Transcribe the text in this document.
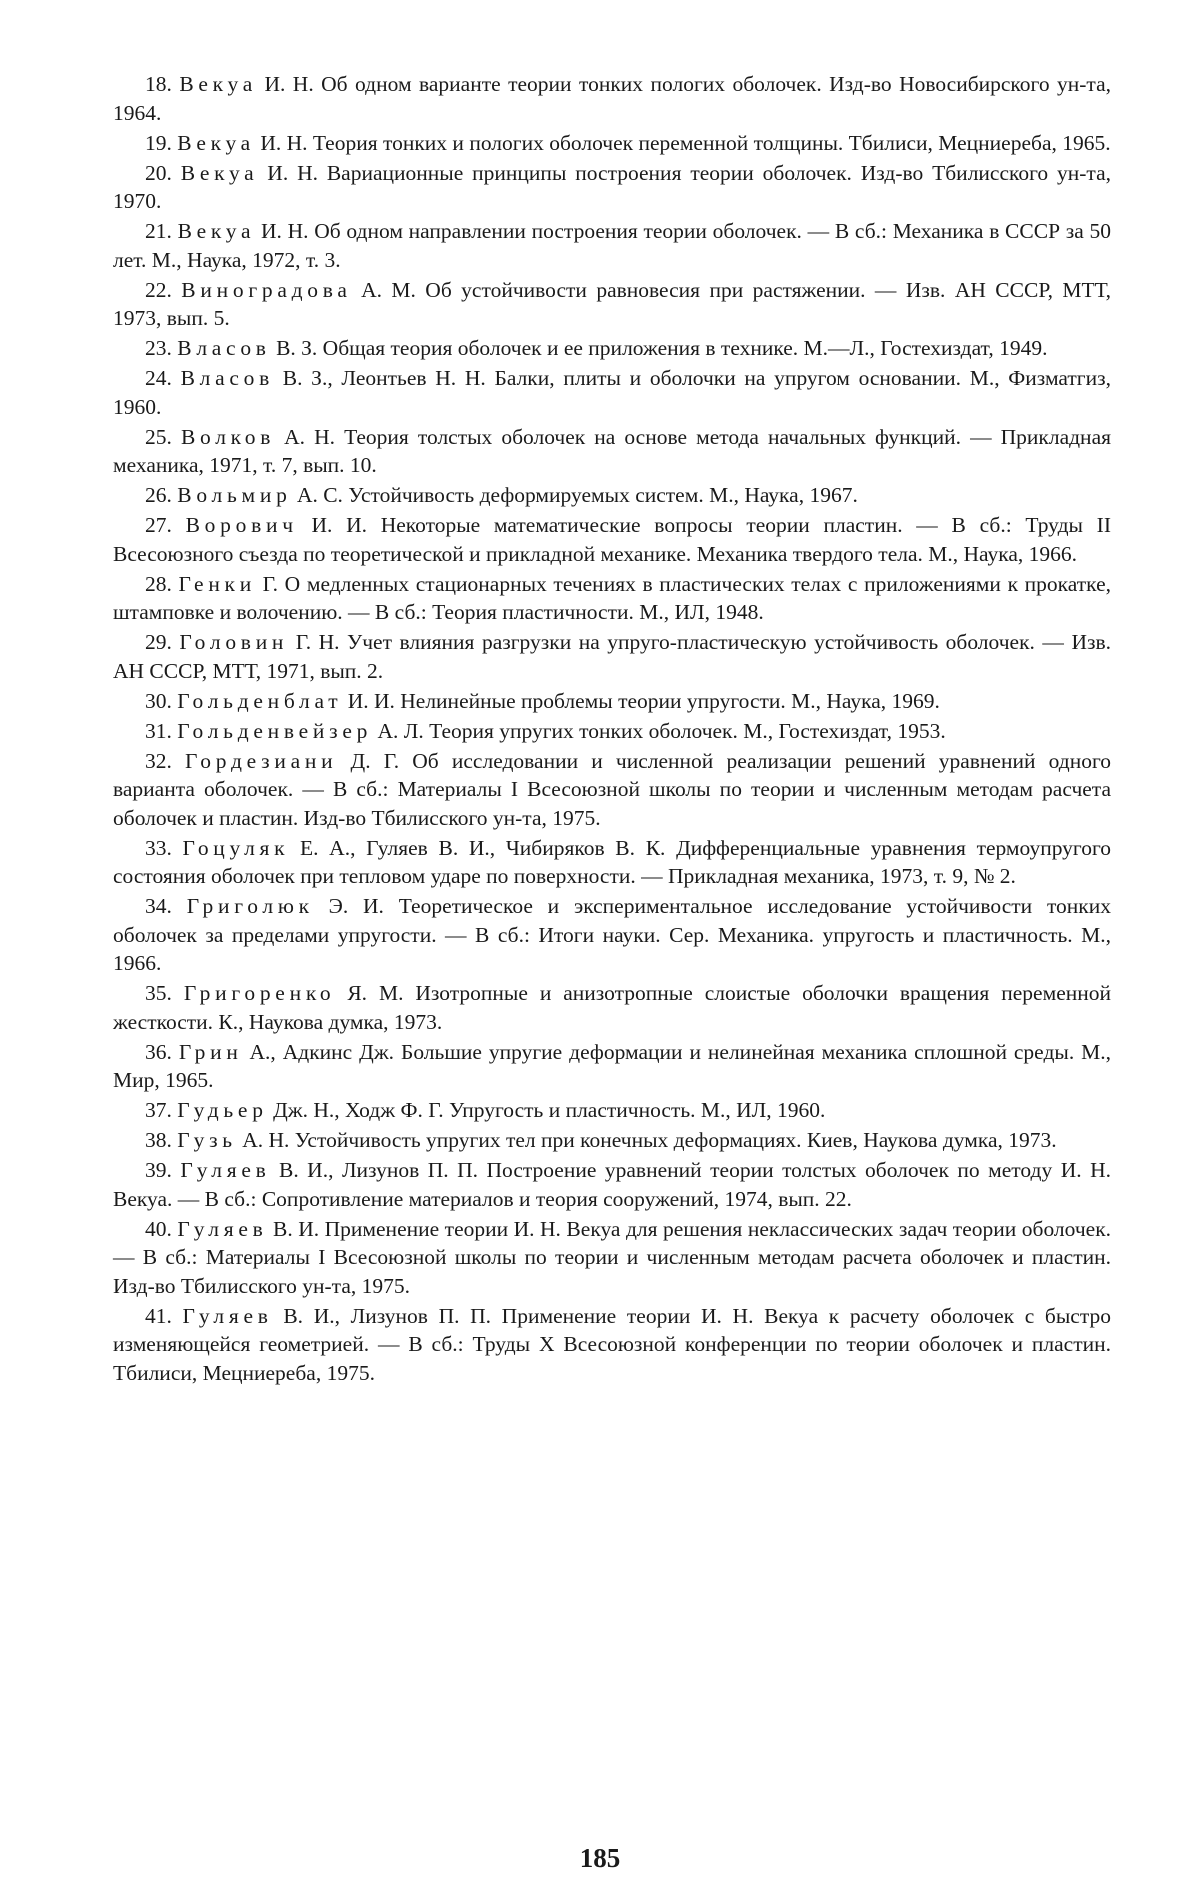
18. Векуа И. Н. Об одном варианте теории тонких пологих оболочек. Изд-во Новосибирского ун-та, 1964.

19. Векуа И. Н. Теория тонких и пологих оболочек переменной толщины. Тбилиси, Мецниереба, 1965.

20. Векуа И. Н. Вариационные принципы построения теории оболочек. Изд-во Тбилисского ун-та, 1970.

21. Векуа И. Н. Об одном направлении построения теории оболочек. — В сб.: Механика в СССР за 50 лет. М., Наука, 1972, т. 3.

22. Виноградова А. М. Об устойчивости равновесия при растяжении. — Изв. АН СССР, МТТ, 1973, вып. 5.

23. Власов В. З. Общая теория оболочек и ее приложения в технике. М.—Л., Гостехиздат, 1949.

24. Власов В. З., Леонтьев Н. Н. Балки, плиты и оболочки на упругом основании. М., Физматгиз, 1960.

25. Волков А. Н. Теория толстых оболочек на основе метода начальных функций. — Прикладная механика, 1971, т. 7, вып. 10.

26. Вольмир А. С. Устойчивость деформируемых систем. М., Наука, 1967.

27. Ворович И. И. Некоторые математические вопросы теории пластин. — В сб.: Труды II Всесоюзного съезда по теоретической и прикладной механике. Механика твердого тела. М., Наука, 1966.

28. Генки Г. О медленных стационарных течениях в пластических телах с приложениями к прокатке, штамповке и волочению. — В сб.: Теория пластичности. М., ИЛ, 1948.

29. Головин Г. Н. Учет влияния разгрузки на упруго-пластическую устойчивость оболочек. — Изв. АН СССР, МТТ, 1971, вып. 2.

30. Гольденблат И. И. Нелинейные проблемы теории упругости. М., Наука, 1969.

31. Гольденвейзер А. Л. Теория упругих тонких оболочек. М., Гостехиздат, 1953.

32. Гордезиани Д. Г. Об исследовании и численной реализации решений уравнений одного варианта оболочек. — В сб.: Материалы I Всесоюзной школы по теории и численным методам расчета оболочек и пластин. Изд-во Тбилисского ун-та, 1975.

33. Гоцуляк Е. А., Гуляев В. И., Чибиряков В. К. Дифференциальные уравнения термоупругого состояния оболочек при тепловом ударе по поверхности. — Прикладная механика, 1973, т. 9, № 2.

34. Григолюк Э. И. Теоретическое и экспериментальное исследование устойчивости тонких оболочек за пределами упругости. — В сб.: Итоги науки. Сер. Механика. упругость и пластичность. М., 1966.

35. Григоренко Я. М. Изотропные и анизотропные слоистые оболочки вращения переменной жесткости. К., Наукова думка, 1973.

36. Грин А., Адкинс Дж. Большие упругие деформации и нелинейная механика сплошной среды. М., Мир, 1965.

37. Гудьер Дж. Н., Ходж Ф. Г. Упругость и пластичность. М., ИЛ, 1960.

38. Гузь А. Н. Устойчивость упругих тел при конечных деформациях. Киев, Наукова думка, 1973.

39. Гуляев В. И., Лизунов П. П. Построение уравнений теории толстых оболочек по методу И. Н. Векуа. — В сб.: Сопротивление материалов и теория сооружений, 1974, вып. 22.

40. Гуляев В. И. Применение теории И. Н. Векуа для решения неклассических задач теории оболочек. — В сб.: Материалы I Всесоюзной школы по теории и численным методам расчета оболочек и пластин. Изд-во Тбилисского ун-та, 1975.

41. Гуляев В. И., Лизунов П. П. Применение теории И. Н. Векуа к расчету оболочек с быстро изменяющейся геометрией. — В сб.: Труды X Всесоюзной конференции по теории оболочек и пластин. Тбилиси, Мецниереба, 1975.

185
